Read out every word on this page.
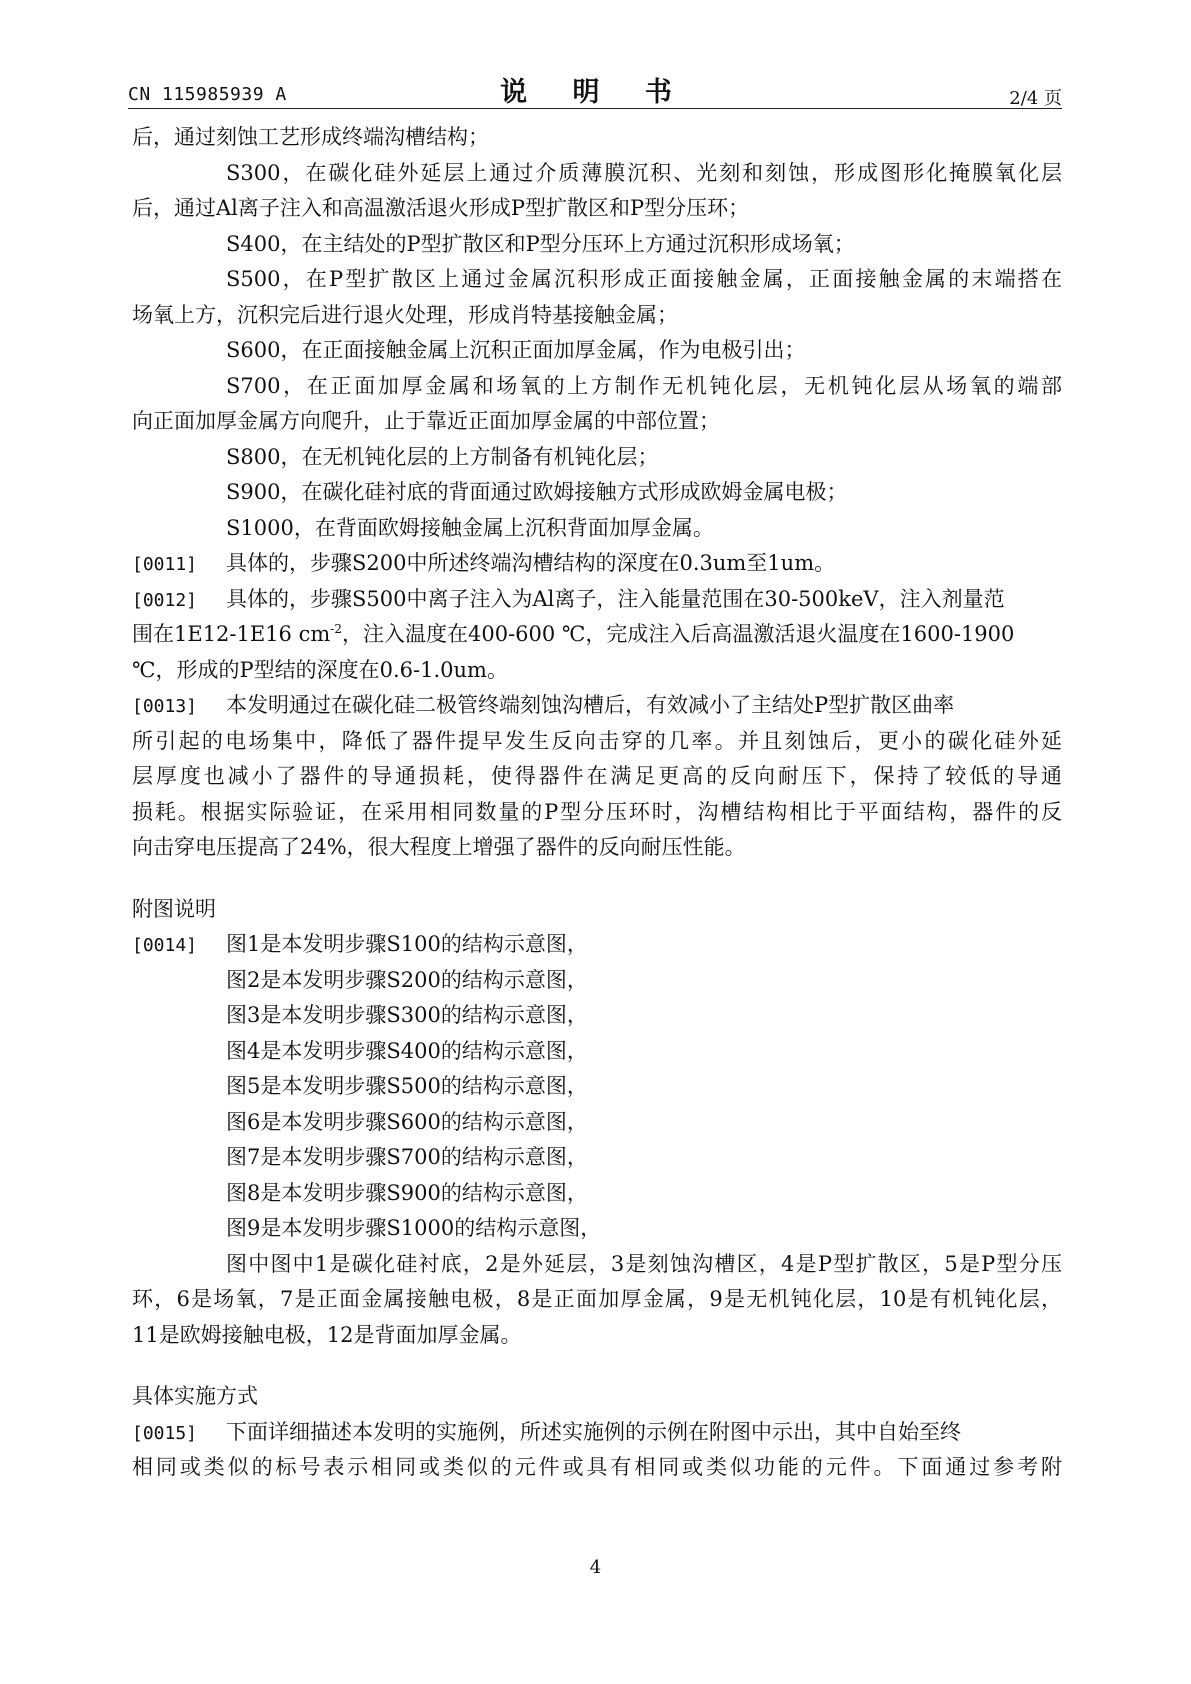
CN 115985939 A	说 明 书	2/4 页
后，通过刻蚀工艺形成终端沟槽结构；
S300，在碳化硅外延层上通过介质薄膜沉积、光刻和刻蚀，形成图形化掩膜氧化层
后，通过Al离子注入和高温激活退火形成P型扩散区和P型分压环；
S400，在主结处的P型扩散区和P型分压环上方通过沉积形成场氧；
S500，在P型扩散区上通过金属沉积形成正面接触金属，正面接触金属的末端搭在
场氧上方，沉积完后进行退火处理，形成肖特基接触金属；
S600，在正面接触金属上沉积正面加厚金属，作为电极引出；
S700，在正面加厚金属和场氧的上方制作无机钝化层，无机钝化层从场氧的端部
向正面加厚金属方向爬升，止于靠近正面加厚金属的中部位置；
S800，在无机钝化层的上方制备有机钝化层；
S900，在碳化硅衬底的背面通过欧姆接触方式形成欧姆金属电极；
S1000，在背面欧姆接触金属上沉积背面加厚金属。
[0011] 具体的，步骤S200中所述终端沟槽结构的深度在0.3um至1um。
[0012] 具体的，步骤S500中离子注入为Al离子，注入能量范围在30-500keV，注入剂量范
围在1E12-1E16 $cm^{-2}$，注入温度在400-600 ℃，完成注入后高温激活退火温度在1600-1900
℃，形成的P型结的深度在0.6-1.0um。
[0013] 本发明通过在碳化硅二极管终端刻蚀沟槽后，有效减小了主结处P型扩散区曲率
所引起的电场集中，降低了器件提早发生反向击穿的几率。并且刻蚀后，更小的碳化硅外延
层厚度也减小了器件的导通损耗，使得器件在满足更高的反向耐压下，保持了较低的导通
损耗。根据实际验证，在采用相同数量的P型分压环时，沟槽结构相比于平面结构，器件的反
向击穿电压提高了24%，很大程度上增强了器件的反向耐压性能。
附图说明
[0014] 图1是本发明步骤S100的结构示意图，
图2是本发明步骤S200的结构示意图，
图3是本发明步骤S300的结构示意图，
图4是本发明步骤S400的结构示意图，
图5是本发明步骤S500的结构示意图，
图6是本发明步骤S600的结构示意图，
图7是本发明步骤S700的结构示意图，
图8是本发明步骤S900的结构示意图，
图9是本发明步骤S1000的结构示意图，
图中图中1是碳化硅衬底，2是外延层，3是刻蚀沟槽区，4是P型扩散区，5是P型分压
环，6是场氧，7是正面金属接触电极，8是正面加厚金属，9是无机钝化层，10是有机钝化层，
11是欧姆接触电极，12是背面加厚金属。
具体实施方式
[0015] 下面详细描述本发明的实施例，所述实施例的示例在附图中示出，其中自始至终
相同或类似的标号表示相同或类似的元件或具有相同或类似功能的元件。下面通过参考附
4
